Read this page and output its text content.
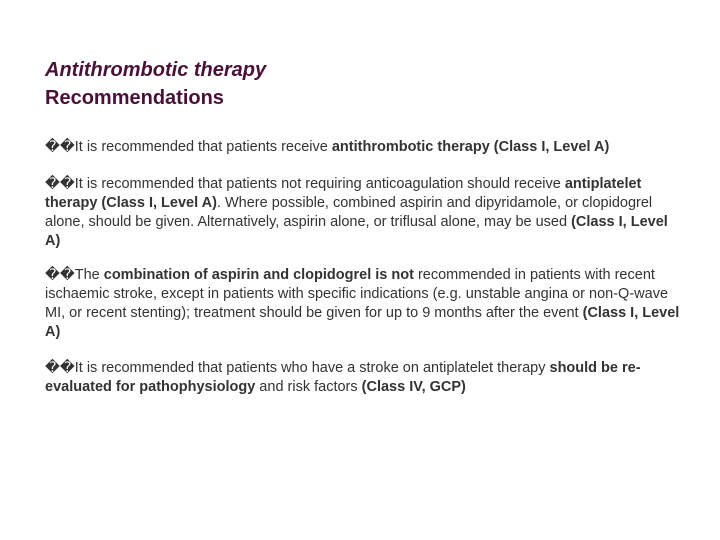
Antithrombotic therapy
Recommendations

��It is recommended that patients receive antithrombotic therapy (Class I, Level A)

��It is recommended that patients not requiring anticoagulation should receive antiplatelet therapy (Class I, Level A). Where possible, combined aspirin and dipyridamole, or clopidogrel alone, should be given. Alternatively, aspirin alone, or triflusal alone, may be used (Class I, Level A)

��The combination of aspirin and clopidogrel is not recommended in patients with recent ischaemic stroke, except in patients with specific indications (e.g. unstable angina or non-Q-wave MI, or recent stenting); treatment should be given for up to 9 months after the event (Class I, Level A)

��It is recommended that patients who have a stroke on antiplatelet therapy should be re-evaluated for pathophysiology and risk factors (Class IV, GCP)
